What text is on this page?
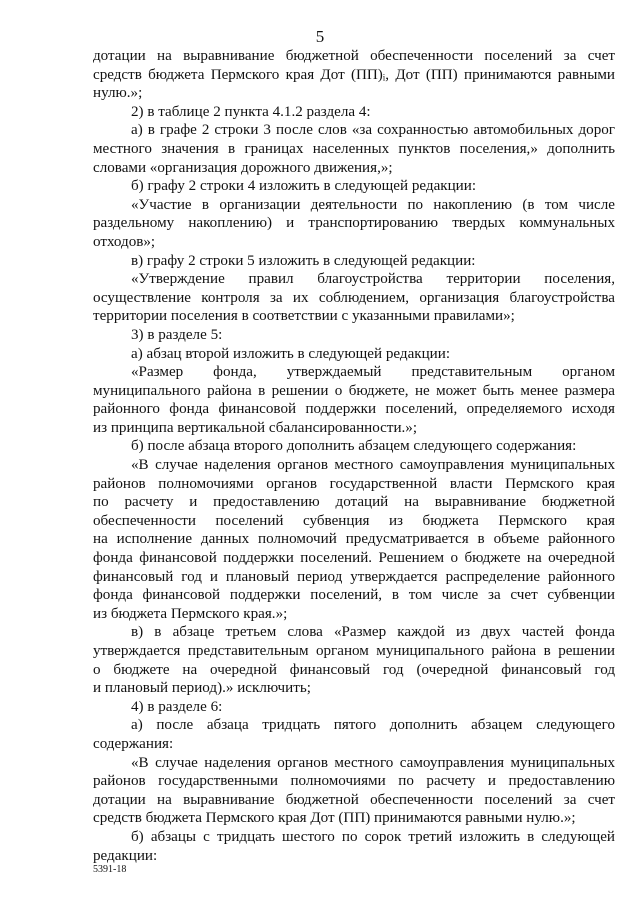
5
дотации на выравнивание бюджетной обеспеченности поселений за счет
средств бюджета Пермского края Дот (ПП)ᵢ, Дот (ПП) принимаются равными
нулю.»;
2) в таблице 2 пункта 4.1.2 раздела 4:
а) в графе 2 строки 3 после слов «за сохранностью автомобильных дорог
местного значения в границах населенных пунктов поселения,» дополнить
словами «организация дорожного движения,»;
б) графу 2 строки 4 изложить в следующей редакции:
«Участие в организации деятельности по накоплению (в том числе
раздельному накоплению) и транспортированию твердых коммунальных
отходов»;
в) графу 2 строки 5 изложить в следующей редакции:
«Утверждение правил благоустройства территории поселения,
осуществление контроля за их соблюдением, организация благоустройства
территории поселения в соответствии с указанными правилами»;
3) в разделе 5:
а) абзац второй изложить в следующей редакции:
«Размер фонда, утверждаемый представительным органом
муниципального района в решении о бюджете, не может быть менее размера
районного фонда финансовой поддержки поселений, определяемого исходя
из принципа вертикальной сбалансированности.»;
б) после абзаца второго дополнить абзацем следующего содержания:
«В случае наделения органов местного самоуправления муниципальных
районов полномочиями органов государственной власти Пермского края
по расчету и предоставлению дотаций на выравнивание бюджетной
обеспеченности поселений субвенция из бюджета Пермского края
на исполнение данных полномочий предусматривается в объеме районного
фонда финансовой поддержки поселений. Решением о бюджете на очередной
финансовый год и плановый период утверждается распределение районного
фонда финансовой поддержки поселений, в том числе за счет субвенции
из бюджета Пермского края.»;
в) в абзаце третьем слова «Размер каждой из двух частей фонда
утверждается представительным органом муниципального района в решении
о бюджете на очередной финансовый год (очередной финансовый год
и плановый период).» исключить;
4) в разделе 6:
а) после абзаца тридцать пятого дополнить абзацем следующего
содержания:
«В случае наделения органов местного самоуправления муниципальных
районов государственными полномочиями по расчету и предоставлению
дотации на выравнивание бюджетной обеспеченности поселений за счет
средств бюджета Пермского края Дот (ПП) принимаются равными нулю.»;
б) абзацы с тридцать шестого по сорок третий изложить в следующей
редакции:
5391-18
